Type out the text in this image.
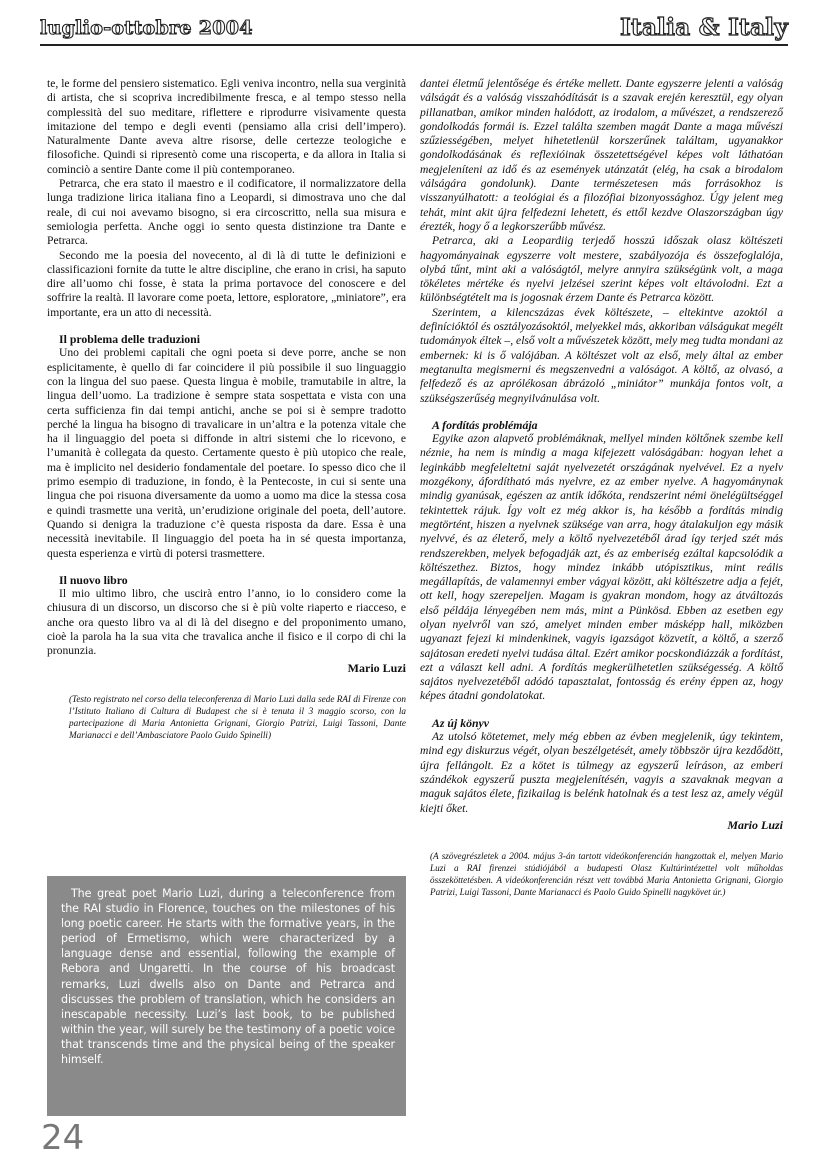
luglio-ottobre 2004	Italia & Italy

te, le forme del pensiero sistematico. Egli veniva incontro, nella sua verginità di artista, che si scopriva incredibilmente fresca, e al tempo stesso nella complessità del suo meditare, riflettere e riprodurre visivamente questa imitazione del tempo e degli eventi (pensiamo alla crisi dell’impero). Naturalmente Dante aveva altre risorse, delle certezze teologiche e filosofiche. Quindi si ripresentò come una riscoperta, e da allora in Italia si cominciò a sentire Dante come il più contemporaneo.

Petrarca, che era stato il maestro e il codificatore, il normalizzatore della lunga tradizione lirica italiana fino a Leopardi, si dimostrava uno che dal reale, di cui noi avevamo bisogno, si era circoscritto, nella sua misura e semiologia perfetta. Anche oggi io sento questa distinzione tra Dante e Petrarca.

Secondo me la poesia del novecento, al di là di tutte le definizioni e classificazioni fornite da tutte le altre discipline, che erano in crisi, ha saputo dire all’uomo chi fosse, è stata la prima portavoce del conoscere e del soffrire la realtà. Il lavorare come poeta, lettore, esploratore, „miniatore”, era importante, era un atto di necessità.

Il problema delle traduzioni

Uno dei problemi capitali che ogni poeta si deve porre, anche se non esplicitamente, è quello di far coincidere il più possibile il suo linguaggio con la lingua del suo paese. Questa lingua è mobile, tramutabile in altre, la lingua dell’uomo. La tradizione è sempre stata sospettata e vista con una certa sufficienza fin dai tempi antichi, anche se poi si è sempre tradotto perché la lingua ha bisogno di travalicare in un’altra e la potenza vitale che ha il linguaggio del poeta si diffonde in altri sistemi che lo ricevono, e l’umanità è collegata da questo. Certamente questo è più utopico che reale, ma è implicito nel desiderio fondamentale del poetare. Io spesso dico che il primo esempio di traduzione, in fondo, è la Pentecoste, in cui si sente una lingua che poi risuona diversamente da uomo a uomo ma dice la stessa cosa e quindi trasmette una verità, un’erudizione originale del poeta, dell’autore. Quando si denigra la traduzione c’è questa risposta da dare. Essa è una necessità inevitabile. Il linguaggio del poeta ha in sé questa importanza, questa esperienza e virtù di potersi trasmettere.

Il nuovo libro

Il mio ultimo libro, che uscirà entro l’anno, io lo considero come la chiusura di un discorso, un discorso che si è più volte riaperto e riacceso, e anche ora questo libro va al di là del disegno e del proponimento umano, cioè la parola ha la sua vita che travalica anche il fisico e il corpo di chi la pronunzia.

Mario Luzi
(Testo registrato nel corso della teleconferenza di Mario Luzi dalla sede RAI di Firenze con l’Istituto Italiano di Cultura di Budapest che si è tenuta il 3 maggio scorso, con la partecipazione di Maria Antonietta Grignani, Giorgio Patrizi, Luigi Tassoni, Dante Marianacci e dell’Ambasciatore Paolo Guido Spinelli)
The great poet Mario Luzi, during a teleconference from the RAI studio in Florence, touches on the milestones of his long poetic career. He starts with the formative years, in the period of Ermetismo, which were characterized by a language dense and essential, following the example of Rebora and Ungaretti. In the course of his broadcast remarks, Luzi dwells also on Dante and Petrarca and discusses the problem of translation, which he considers an inescapable necessity. Luzi’s last book, to be published within the year, will surely be the testimony of a poetic voice that transcends time and the physical being of the speaker himself.

dantei életmű jelentősége és értéke mellett. Dante egyszerre jelenti a valóság válságát és a valóság visszahódítását is a szavak erején keresztül, egy olyan pillanatban, amikor minden halódott, az irodalom, a művészet, a rendszerező gondolkodás formái is. Ezzel találta szemben magát Dante a maga művészi szűziességében, melyet hihetetlenül korszerűnek találtam, ugyanakkor gondolkodásának és reflexióinak összetettségével képes volt láthatóan megjeleníteni az idő és az események utánzatát (elég, ha csak a birodalom válságára gondolunk). Dante természetesen más forrásokhoz is visszanyúlhatott: a teológiai és a filozófiai bizonyossághoz. Úgy jelent meg tehát, mint akit újra felfedezni lehetett, és ettől kezdve Olaszországban úgy érezték, hogy ő a legkorszerűbb művész.

Petrarca, aki a Leopardiig terjedő hosszú időszak olasz költészeti hagyományainak egyszerre volt mestere, szabályozója és összefoglalója, olybá tűnt, mint aki a valóságtól, melyre annyira szükségünk volt, a maga tökéletes mértéke és nyelvi jelzései szerint képes volt eltávolodni. Ezt a különbségtételt ma is jogosnak érzem Dante és Petrarca között.

Szerintem, a kilencszázas évek költészete, – eltekintve azoktól a definícióktól és osztályozásoktól, melyekkel más, akkoriban válságukat megélt tudományok éltek –, első volt a művészetek között, mely meg tudta mondani az embernek: ki is ő valójában. A költészet volt az első, mely által az ember megtanulta megismerni és megszenvedni a valóságot. A költő, az olvasó, a felfedező és az aprólékosan ábrázoló „miniátor” munkája fontos volt, a szükségszerűség megnyilvánulása volt.

A fordítás problémája

Egyike azon alapvető problémáknak, mellyel minden költőnek szembe kell néznie, ha nem is mindig a maga kifejezett valóságában: hogyan lehet a leginkább megfeleltetni saját nyelvezetét országának nyelvével. Ez a nyelv mozgékony, áfordítható más nyelvre, ez az ember nyelve. A hagyománynak mindig gyanúsak, egészen az antik időkóta, rendszerint némi önelégültséggel tekintettek rájuk. Így volt ez még akkor is, ha később a fordítás mindig megtörtént, hiszen a nyelvnek szüksége van arra, hogy átalakuljon egy másik nyelvvé, és az életerő, mely a költő nyelvezetéből árad így terjed szét más rendszerekben, melyek befogadják azt, és az emberiség ezáltal kapcsolódik a költészethez. Biztos, hogy mindez inkább utópisztikus, mint reális megállapítás, de valamennyi ember vágyai között, aki költészetre adja a fejét, ott kell, hogy szerepeljen. Magam is gyakran mondom, hogy az átváltozás első példája lényegében nem más, mint a Pünkösd. Ebben az esetben egy olyan nyelvről van szó, amelyet minden ember másképp hall, miközben ugyanazt fejezi ki mindenkinek, vagyis igazságot közvetít, a költő, a szerző sajátosan eredeti nyelvi tudása által. Ezért amikor pocskondiázzák a fordítást, ezt a választ kell adni. A fordítás megkerülhetetlen szükségesség. A költő sajátos nyelvezetéből adódó tapasztalat, fontosság és erény éppen az, hogy képes átadni gondolatokat.

Az új könyv

Az utolsó kötetemet, mely még ebben az évben megjelenik, úgy tekintem, mind egy diskurzus végét, olyan beszélgetését, amely többször újra kezdődött, újra fellángolt. Ez a kötet is túlmegy az egyszerű leíráson, az emberi szándékok egyszerű puszta megjelenítésén, vagyis a szavaknak megvan a maguk sajátos élete, fizikailag is belénk hatolnak és a test lesz az, amely végül kiejti őket.

Mario Luzi
(A szövegrészletek a 2004. május 3-án tartott videókonferencián hangzottak el, melyen Mario Luzi a RAI firenzei stúdiójából a budapesti Olasz Kultúrintézettel volt műholdas összeköttetésben. A videókonferencián részt vett továbbá Maria Antonietta Grignani, Giorgio Patrizi, Luigi Tassoni, Dante Marianacci és Paolo Guido Spinelli nagykövet úr.)
24
